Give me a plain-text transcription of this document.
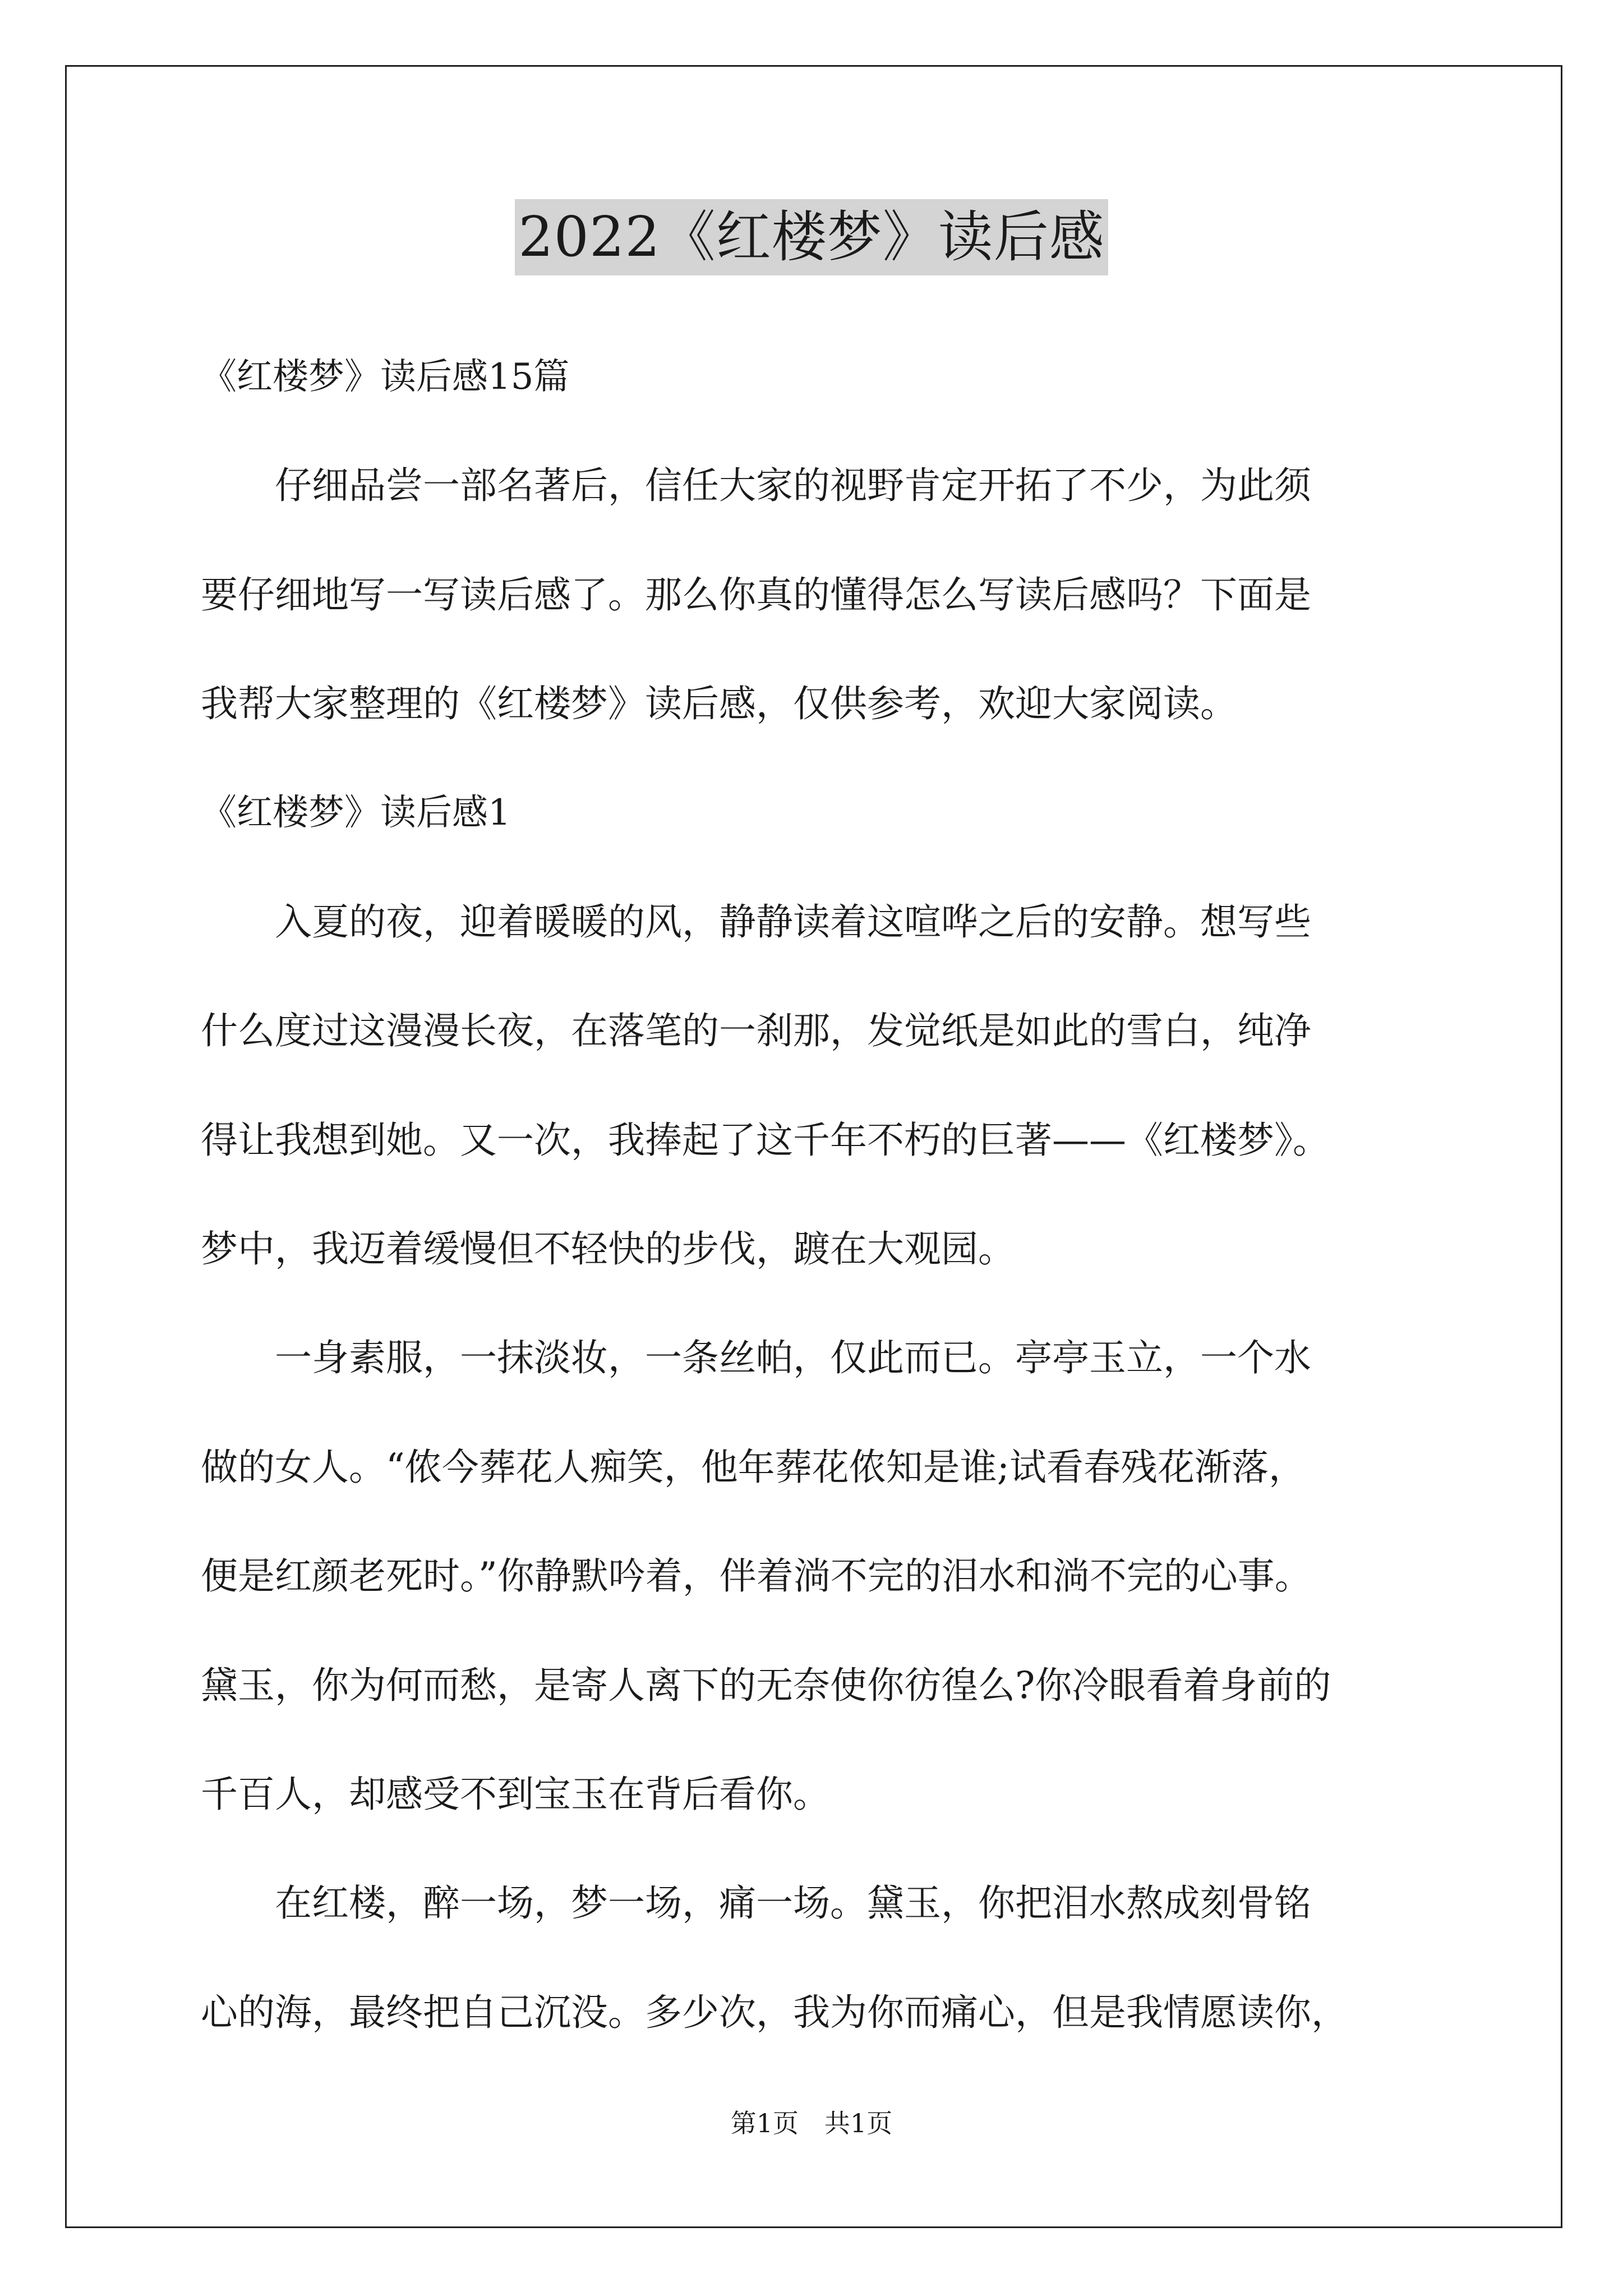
2022《红楼梦》读后感
《红楼梦》读后感15篇
　　仔细品尝一部名著后，信任大家的视野肯定开拓了不少，为此须
要仔细地写一写读后感了。那么你真的懂得怎么写读后感吗？下面是
我帮大家整理的《红楼梦》读后感，仅供参考，欢迎大家阅读。
《红楼梦》读后感1
　　入夏的夜，迎着暖暖的风，静静读着这喧哗之后的安静。想写些
什么度过这漫漫长夜，在落笔的一刹那，发觉纸是如此的雪白，纯净
得让我想到她。又一次，我捧起了这千年不朽的巨著——《红楼梦》。
梦中，我迈着缓慢但不轻快的步伐，踱在大观园。
　　一身素服，一抹淡妆，一条丝帕，仅此而已。亭亭玉立，一个水
做的女人。“侬今葬花人痴笑，他年葬花侬知是谁;试看春残花渐落，
便是红颜老死时。”你静默吟着，伴着淌不完的泪水和淌不完的心事。
黛玉，你为何而愁，是寄人离下的无奈使你彷徨么?你冷眼看着身前的
千百人，却感受不到宝玉在背后看你。
　　在红楼，醉一场，梦一场，痛一场。黛玉，你把泪水熬成刻骨铭
心的海，最终把自己沉没。多少次，我为你而痛心，但是我情愿读你，
第1页　共1页
